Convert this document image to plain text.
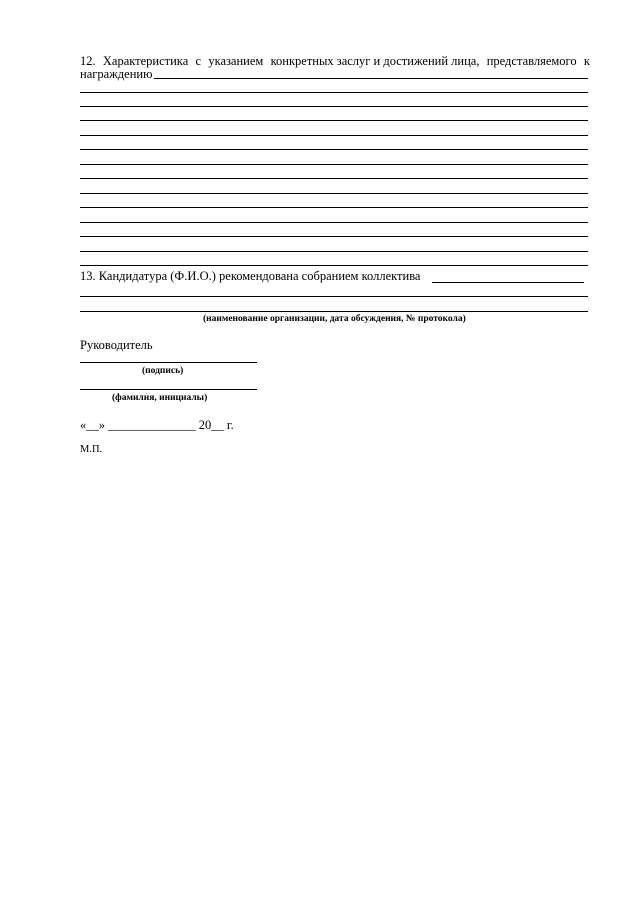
12. Характеристика с указанием конкретных заслуг и достижений лица, представляемого к
награждению
13. Кандидатура (Ф.И.О.) рекомендована собранием коллектива
(наименование организации, дата обсуждения, № протокола)
Руководитель
(подпись)
(фамилия, инициалы)
«__» ______________ 20__ г.
М.П.
